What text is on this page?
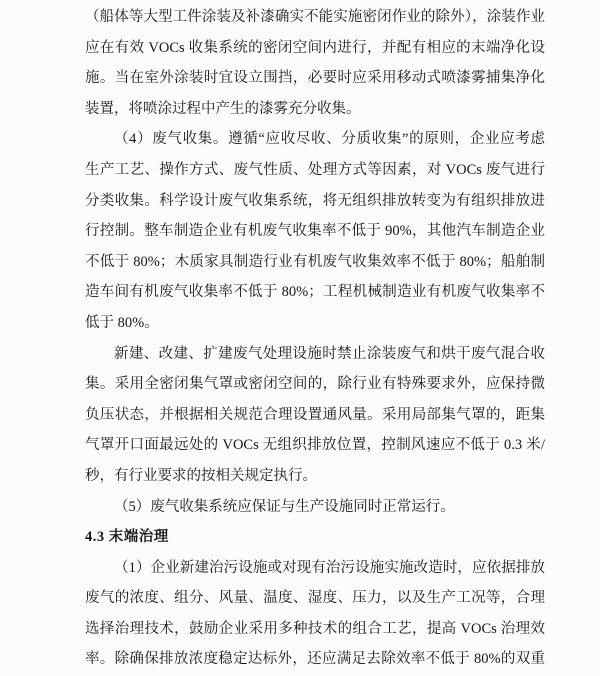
（船体等大型工件涂装及补漆确实不能实施密闭作业的除外），涂装作业
应在有效 VOCs 收集系统的密闭空间内进行，并配有相应的末端净化设
施。当在室外涂装时宜设立围挡，必要时应采用移动式喷漆雾捕集净化
装置，将喷涂过程中产生的漆雾充分收集。
（4）废气收集。遵循“应收尽收、分质收集”的原则，企业应考虑
生产工艺、操作方式、废气性质、处理方式等因素，对 VOCs 废气进行
分类收集。科学设计废气收集系统，将无组织排放转变为有组织排放进
行控制。整车制造企业有机废气收集率不低于 90%，其他汽车制造企业
不低于 80%；木质家具制造行业有机废气收集效率不低于 80%；船舶制
造车间有机废气收集率不低于 80%；工程机械制造业有机废气收集率不
低于 80%。
新建、改建、扩建废气处理设施时禁止涂装废气和烘干废气混合收
集。采用全密闭集气罩或密闭空间的，除行业有特殊要求外，应保持微
负压状态，并根据相关规范合理设置通风量。采用局部集气罩的，距集
气罩开口面最远处的 VOCs 无组织排放位置，控制风速应不低于 0.3 米/
秒，有行业要求的按相关规定执行。
（5）废气收集系统应保证与生产设施同时正常运行。
4.3 末端治理
（1）企业新建治污设施或对现有治污设施实施改造时，应依据排放
废气的浓度、组分、风量、温度、湿度、压力，以及生产工况等，合理
选择治理技术，鼓励企业采用多种技术的组合工艺，提高 VOCs 治理效
率。除确保排放浓度稳定达标外，还应满足去除效率不低于 80%的双重
